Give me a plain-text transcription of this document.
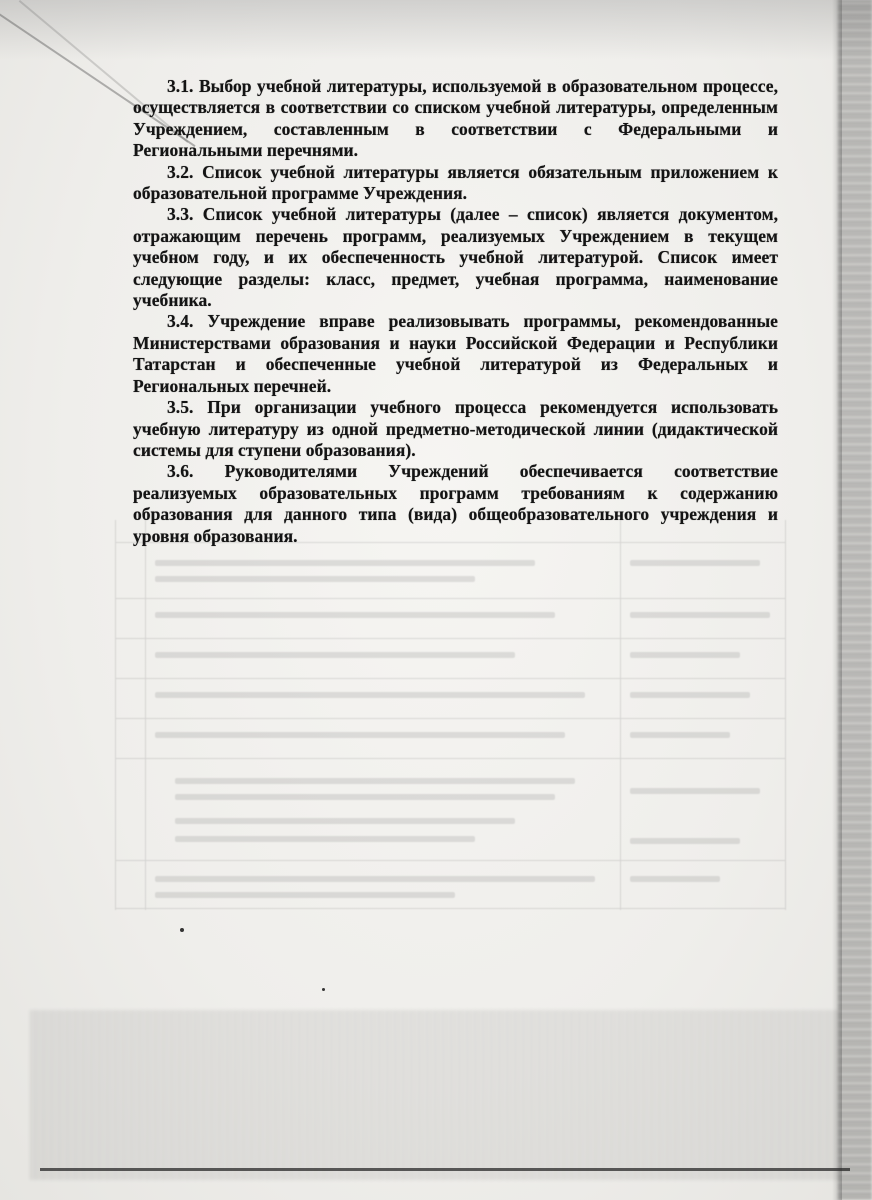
3.1. Выбор учебной литературы, используемой в образовательном процессе, осуществляется в соответствии со списком учебной литературы, определенным Учреждением, составленным в соответствии с Федеральными и Региональными перечнями.

3.2. Список учебной литературы является обязательным приложением к образовательной программе Учреждения.

3.3. Список учебной литературы (далее – список) является документом, отражающим перечень программ, реализуемых Учреждением в текущем учебном году, и их обеспеченность учебной литературой. Список имеет следующие разделы: класс, предмет, учебная программа, наименование учебника.

3.4. Учреждение вправе реализовывать программы, рекомендованные Министерствами образования и науки Российской Федерации и Республики Татарстан и обеспеченные учебной литературой из Федеральных и Региональных перечней.

3.5. При организации учебного процесса рекомендуется использовать учебную литературу из одной предметно-методической линии (дидактической системы для ступени образования).

3.6. Руководителями Учреждений обеспечивается соответствие реализуемых образовательных программ требованиям к содержанию образования для данного типа (вида) общеобразовательного учреждения и уровня образования.
